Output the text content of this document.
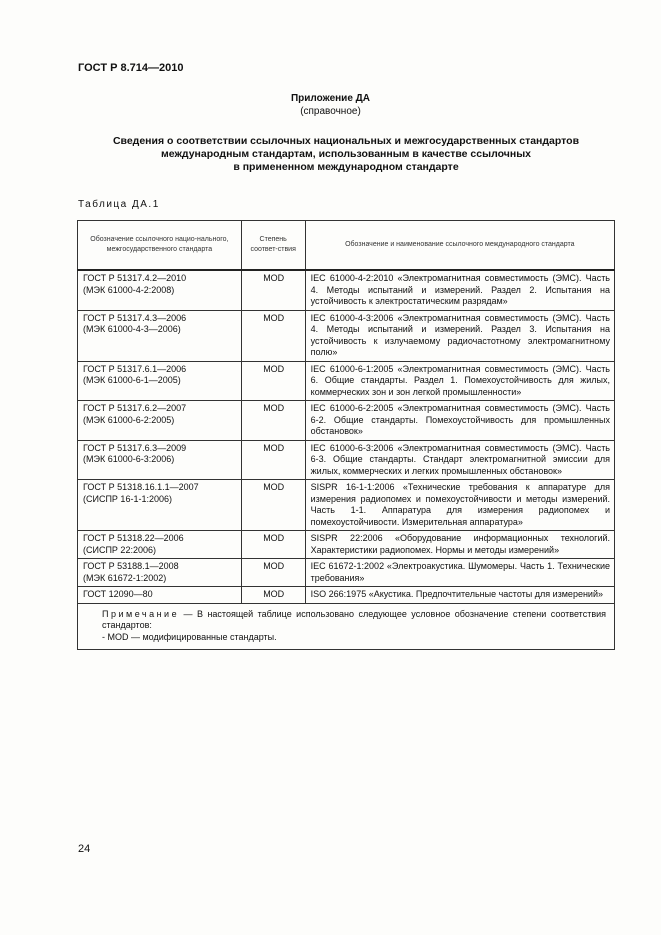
ГОСТ Р 8.714—2010
Приложение ДА
(справочное)
Сведения о соответствии ссылочных национальных и межгосударственных стандартов
международным стандартам, использованным в качестве ссылочных
в примененном международном стандарте
Таблица ДА.1
Обозначение ссылочного нацио-нального, межгосударственного стандарта	Степень соответ-ствия	Обозначение и наименование ссылочного международного стандарта

ГОСТ Р 51317.4.2—2010
(МЭК 61000-4-2:2008)	MOD	IEC 61000-4-2:2010 «Электромагнитная совместимость (ЭМС). Часть 4. Методы испытаний и измерений. Раздел 2. Испытания на устойчивость к электростатическим разрядам»

ГОСТ Р 51317.4.3—2006
(МЭК 61000-4-3—2006)	MOD	IEC 61000-4-3:2006 «Электромагнитная совместимость (ЭМС). Часть 4. Методы испытаний и измерений. Раздел 3. Испытания на устойчивость к излучаемому радиочастотному электромагнитному полю»

ГОСТ Р 51317.6.1—2006
(МЭК 61000-6-1—2005)	MOD	IEC 61000-6-1:2005 «Электромагнитная совместимость (ЭМС). Часть 6. Общие стандарты. Раздел 1. Помехоустойчивость для жилых, коммерческих зон и зон легкой промышленности»

ГОСТ Р 51317.6.2—2007
(МЭК 61000-6-2:2005)	MOD	IEC 61000-6-2:2005 «Электромагнитная совместимость (ЭМС). Часть 6-2. Общие стандарты. Помехоустойчивость для промышленных обстановок»

ГОСТ Р 51317.6.3—2009
(МЭК 61000-6-3:2006)	MOD	IEC 61000-6-3:2006 «Электромагнитная совместимость (ЭМС). Часть 6-3. Общие стандарты. Стандарт электромагнитной эмиссии для жилых, коммерческих и легких промышленных обстановок»

ГОСТ Р 51318.16.1.1—2007
(СИСПР 16-1-1:2006)	MOD	SISPR 16-1-1:2006 «Технические требования к аппаратуре для измерения радиопомех и помехоустойчивости и методы измерений. Часть 1-1. Аппаратура для измерения радиопомех и помехоустойчивости. Измерительная аппаратура»

ГОСТ Р 51318.22—2006
(СИСПР 22:2006)	MOD	SISPR 22:2006 «Оборудование информационных технологий. Характеристики радиопомех. Нормы и методы измерений»

ГОСТ Р 53188.1—2008
(МЭК 61672-1:2002)	MOD	IEC 61672-1:2002 «Электроакустика. Шумомеры. Часть 1. Технические требования»

ГОСТ 12090—80	MOD	ISO 266:1975 «Акустика. Предпочтительные частоты для измерений»

Примечание — В настоящей таблице использовано следующее условное обозначение степени соответствия стандартов:
- MOD — модифицированные стандарты.		
24
